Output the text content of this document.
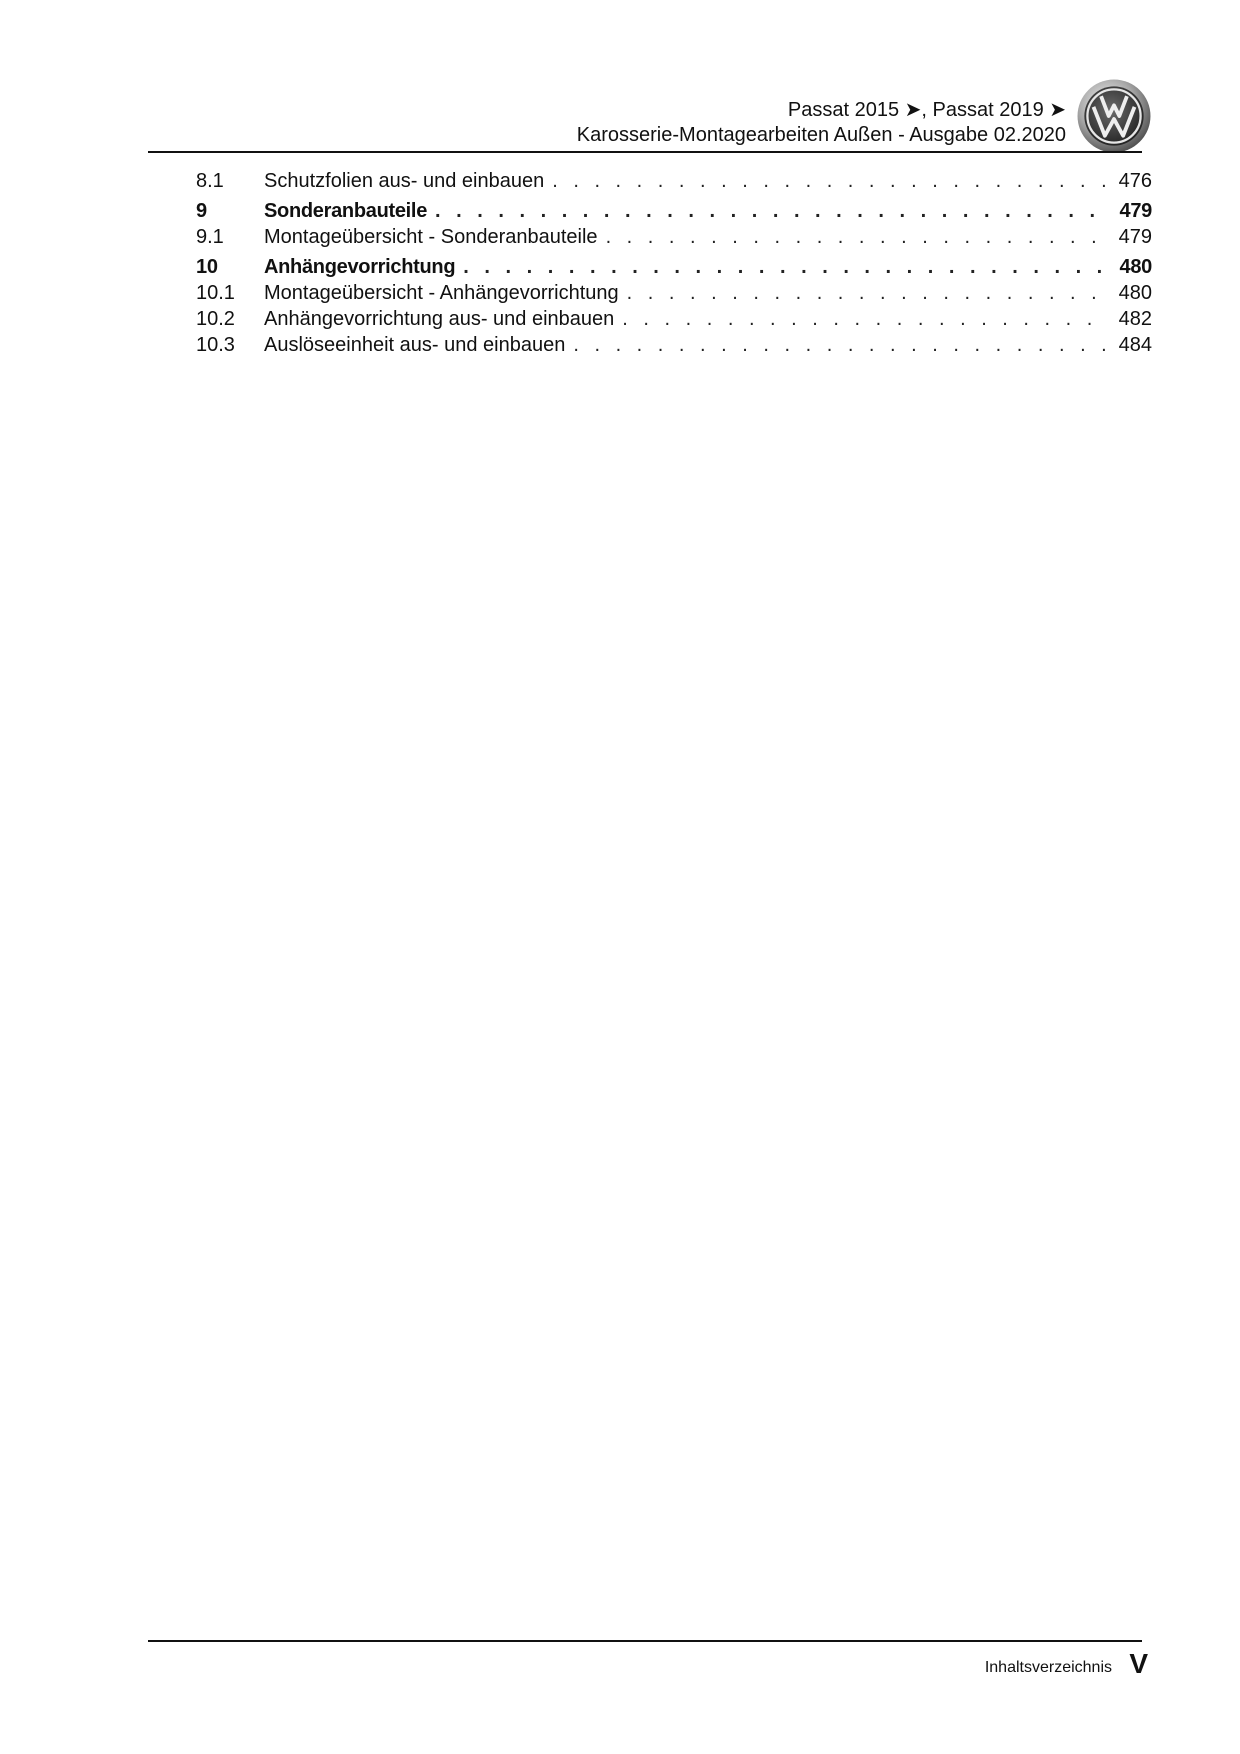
Passat 2015 ➤, Passat 2019 ➤
Karosserie-Montagearbeiten Außen - Ausgabe 02.2020
8.1	Schutzfolien aus- und einbauen . . .	476
9	Sonderanbauteile . . .	479
9.1	Montageübersicht - Sonderanbauteile . . .	479
10	Anhängevorrichtung . . .	480
10.1	Montageübersicht - Anhängevorrichtung . . .	480
10.2	Anhängevorrichtung aus- und einbauen . . .	482
10.3	Auslöseeinheit aus- und einbauen . . .	484
Inhaltsverzeichnis V
